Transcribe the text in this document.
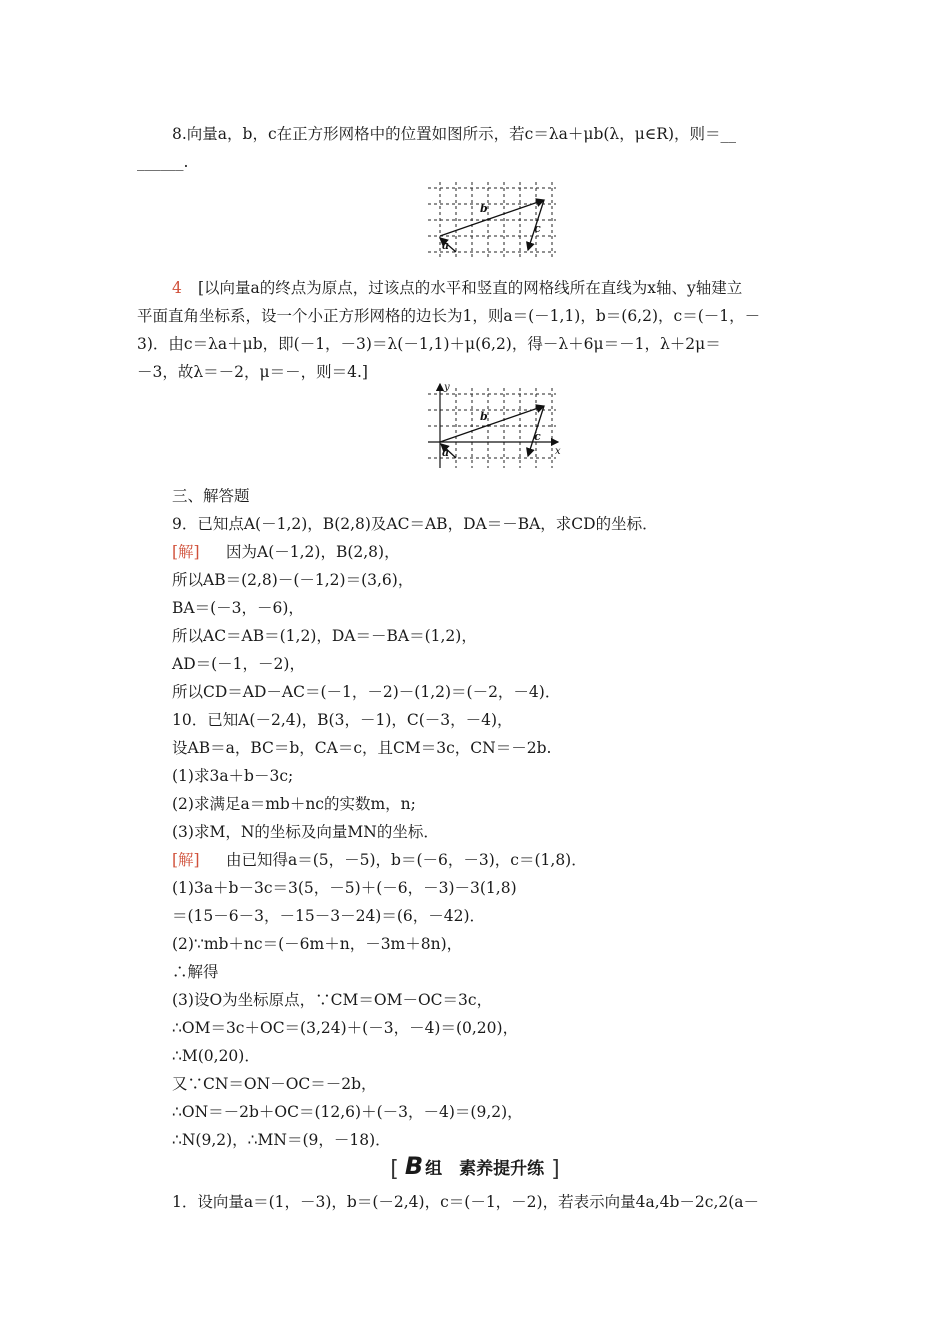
8.向量a，b，c在正方形网格中的位置如图所示，若c＝λa＋μb(λ，μ∈R)，则＝__
______.
4 [以向量a的终点为原点，过该点的水平和竖直的网格线所在直线为x轴、y轴建立
平面直角坐标系，设一个小正方形网格的边长为1，则a＝(－1,1)，b＝(6,2)，c＝(－1，－
3)．由c＝λa＋μb，即(－1，－3)＝λ(－1,1)＋μ(6,2)，得－λ＋6μ＝－1，λ＋2μ＝
－3，故λ＝－2，μ＝－，则＝4.]
三、解答题
9．已知点A(－1,2)，B(2,8)及AC＝AB，DA＝－BA，求CD的坐标．
[解] 因为A(－1,2)，B(2,8)，
所以AB＝(2,8)－(－1,2)＝(3,6)，
BA＝(－3，－6)，
所以AC＝AB＝(1,2)，DA＝－BA＝(1,2)，
AD＝(－1，－2)，
所以CD＝AD－AC＝(－1，－2)－(1,2)＝(－2，－4)．
10．已知A(－2,4)，B(3，－1)，C(－3，－4)，
设AB＝a，BC＝b，CA＝c，且CM＝3c，CN＝－2b.
(1)求3a＋b－3c;
(2)求满足a＝mb＋nc的实数m，n;
(3)求M，N的坐标及向量MN的坐标．
[解] 由已知得a＝(5，－5)，b＝(－6，－3)，c＝(1,8)．
(1)3a＋b－3c＝3(5，－5)＋(－6，－3)－3(1,8)
＝(15－6－3，－15－3－24)＝(6，－42)．
(2)∵mb＋nc＝(－6m＋n，－3m＋8n)，
∴解得
(3)设O为坐标原点，∵CM＝OM－OC＝3c，
∴OM＝3c＋OC＝(3,24)＋(－3，－4)＝(0,20)，
∴M(0,20)．
又∵CN＝ON－OC＝－2b，
∴ON＝－2b＋OC＝(12,6)＋(－3，－4)＝(9,2)，
∴N(9,2)，∴MN＝(9，－18)．
1．设向量a＝(1，－3)，b＝(－2,4)，c＝(－1，－2)，若表示向量4a,4b－2c,2(a－
b
a
c
y
x
b
a
c
[ B 组　素养提升练 ]
